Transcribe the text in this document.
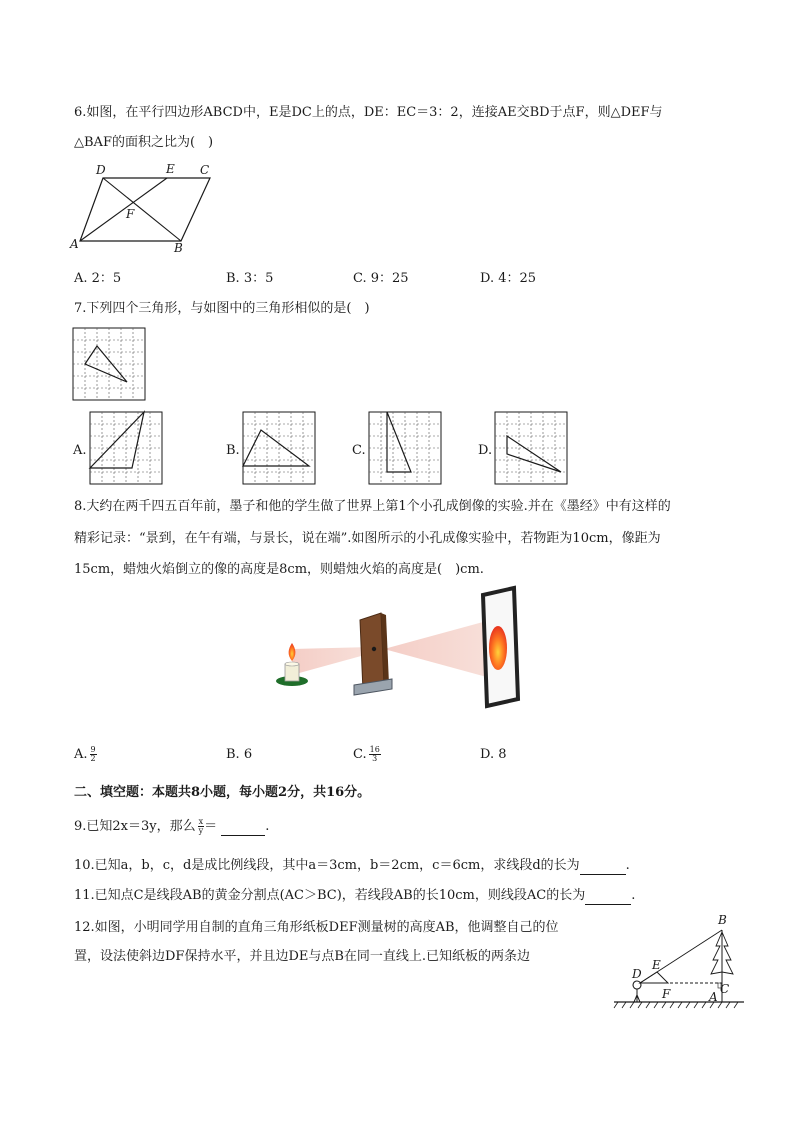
6.如图，在平行四边形ABCD中，E是DC上的点，DE：EC＝3：2，连接AE交BD于点F，则△DEF与
△BAF的面积之比为(　)
D	E C
F
A	B
A. 2：5	B. 3：5	C. 9：25	D. 4：25
7.下列四个三角形，与如图中的三角形相似的是(　)
A.	B.	C.	D.
8.大约在两千四五百年前，墨子和他的学生做了世界上第1个小孔成倒像的实验.并在《墨经》中有这样的
精彩记录：“景到，在午有端，与景长，说在端”.如图所示的小孔成像实验中，若物距为10cm，像距为
15cm，蜡烛火焰倒立的像的高度是8cm，则蜡烛火焰的高度是(　)cm.
A. $\frac{9}{2}$	B. 6	C. $\frac{16}{3}$	D. 8
二、填空题：本题共8小题，每小题2分，共16分。
9.已知2x＝3y，那么 $\frac{x}{y}$ ＝	.
10.已知a，b，c，d是成比例线段，其中a＝3cm，b＝2cm，c＝6cm，求线段d的长为	.
11.已知点C是线段AB的黄金分割点(AC＞BC)，若线段AB的长10cm，则线段AC的长为	.
12.如图，小明同学用自制的直角三角形纸板DEF测量树的高度AB，他调整自己的位
置，设法使斜边DF保持水平，并且边DE与点B在同一直线上.已知纸板的两条边
B
C
D
E
F	A
